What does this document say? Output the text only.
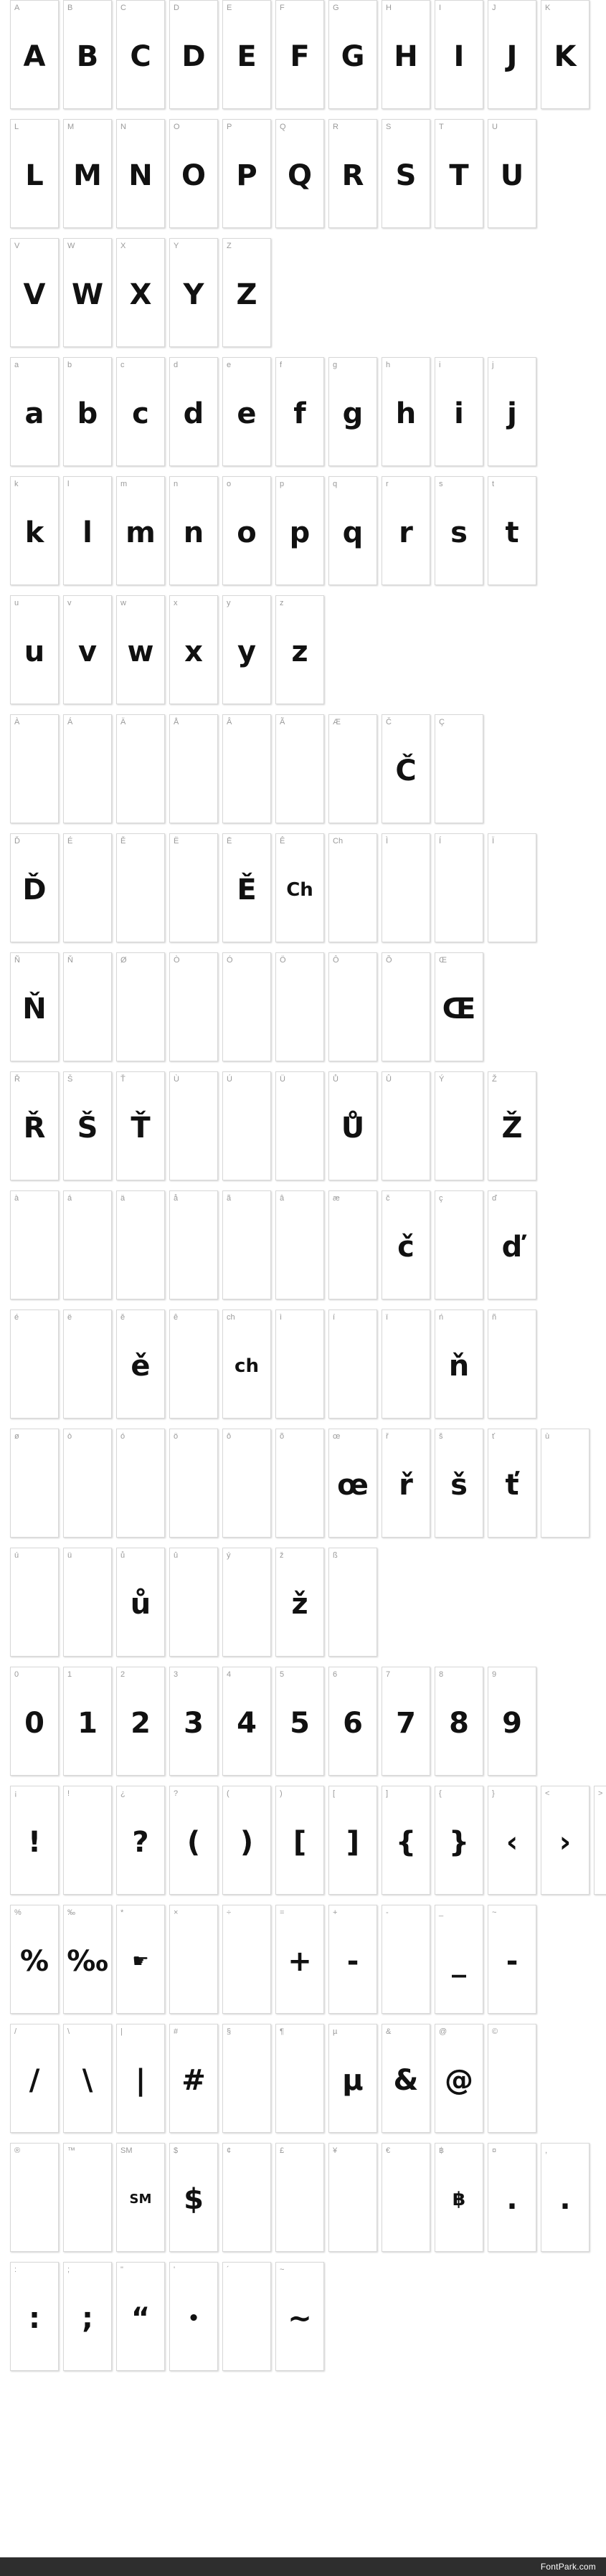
A
A
B
B
C
C
D
D
E
E
F
F
G
G
H
H
I
I
J
J
K
K
L
L
M
M
N
N
O
O
P
P
Q
Q
R
R
S
S
T
T
U
U
V
V
W
W
X
X
Y
Y
Z
Z
a
a
b
b
c
c
d
d
e
e
f
f
g
g
h
h
i
i
j
j
k
k
l
l
m
m
n
n
o
o
p
p
q
q
r
r
s
s
t
t
u
u
v
v
w
w
x
x
y
y
z
z
À	Á	Ä	Å	Â	Ã	Æ	Č
Č
Ç
Ď
Ď
É	Ě	Ë	Ē
Ě
Ê
Ch
Ch	Ì	Í	Ï
Ñ
Ň
Ň	Ø	Ò	Ó	Ö	Ô	Õ	Œ
Œ
Ř
Ř
Š
Š
Ť
Ť
Ù	Ú	Ü	Ů
Ů
Û	Ý	Ž
Ž
à	á	ä	å	ã	â	æ	č
č
ç	ď
ď
é	ë	ě
ě
ê	ch
ch
ì	í	ï	ń
ň
ñ
ø	ò	ó	ö	ô	õ	œ
œ
ř
ř
š
š
ť
ť
ù
ú	ü	ů
ů
û	ý	ž
ž
ß
0
0
1
1
2
2
3
3
4
4
5
5
6
6
7
7
8
8
9
9
¡
!
!	¿
?
?
(
(
)
)
[
[
]
]
{
{
}
}
‹
<
›
>
%
%
‰
‰
*
☛
×	÷	=
+
+
-
-	_
_
~
-
/
/
\
\
|
|
#
#
§	¶	µ
µ
&
&
@
@
©
®	™	SM
SM
$
$
¢	£	¥	€	฿
฿
¤
.
,
.
:
:
;
;
"
“
'
•
´	~
~
FontPark.com
